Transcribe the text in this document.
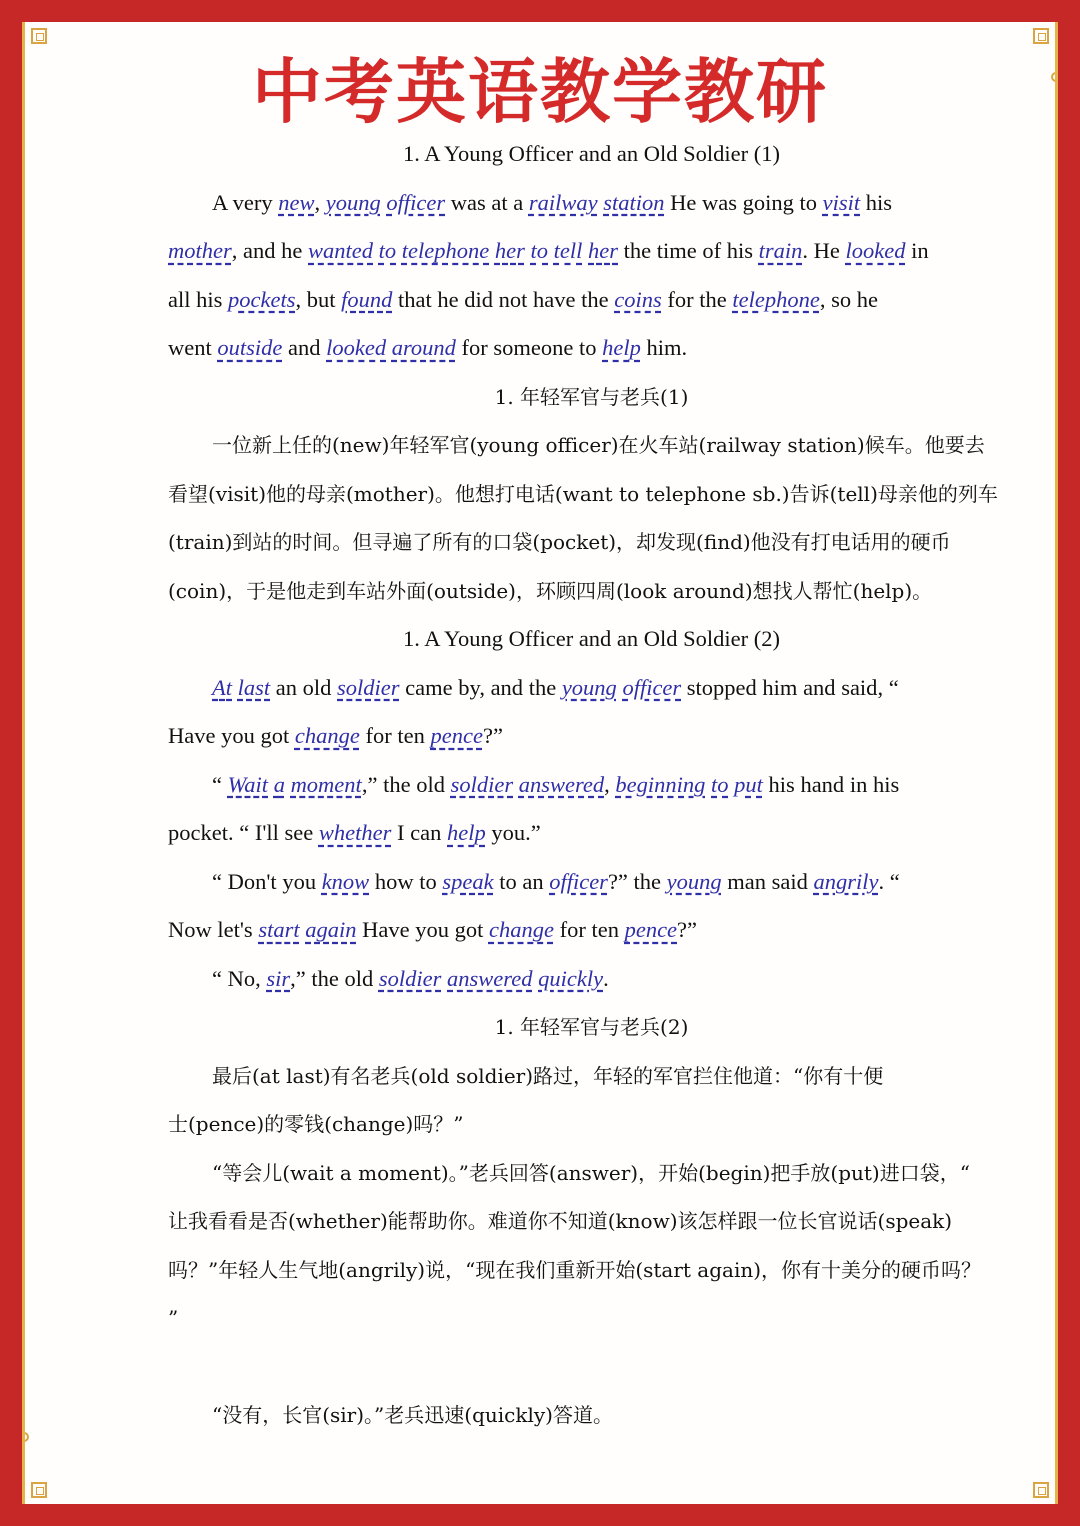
中考英语教学教研

1. A Young Officer and an Old Soldier (1)

A very new, young officer was at a railway station He was going to visit his

mother, and he wanted to telephone her to tell her the time of his train. He looked in

all his pockets, but found that he did not have the coins for the telephone, so he

went outside and looked around for someone to help him.

1. 年轻军官与老兵(1)

一位新上任的(new)年轻军官(young officer)在火车站(railway station)候车。他要去

看望(visit)他的母亲(mother)。他想打电话(want to telephone sb.)告诉(tell)母亲他的列车

(train)到站的时间。但寻遍了所有的口袋(pocket)，却发现(find)他没有打电话用的硬币

(coin)，于是他走到车站外面(outside)，环顾四周(look around)想找人帮忙(help)。

1. A Young Officer and an Old Soldier (2)

At last an old soldier came by, and the young officer stopped him and said, “

Have you got change for ten pence?”

“ Wait a moment,” the old soldier answered, beginning to put his hand in his

pocket. “ I'll see whether I can help you.”

“ Don't you know how to speak to an officer?” the young man said angrily. “

Now let's start again Have you got change for ten pence?”

“ No, sir,” the old soldier answered quickly.

1. 年轻军官与老兵(2)

最后(at last)有名老兵(old soldier)路过，年轻的军官拦住他道：“你有十便

士(pence)的零钱(change)吗？”

“等会儿(wait a moment)。”老兵回答(answer)，开始(begin)把手放(put)进口袋，“

让我看看是否(whether)能帮助你。难道你不知道(know)该怎样跟一位长官说话(speak)

吗？”年轻人生气地(angrily)说，“现在我们重新开始(start again)，你有十美分的硬币吗？

”

“没有，长官(sir)。”老兵迅速(quickly)答道。
